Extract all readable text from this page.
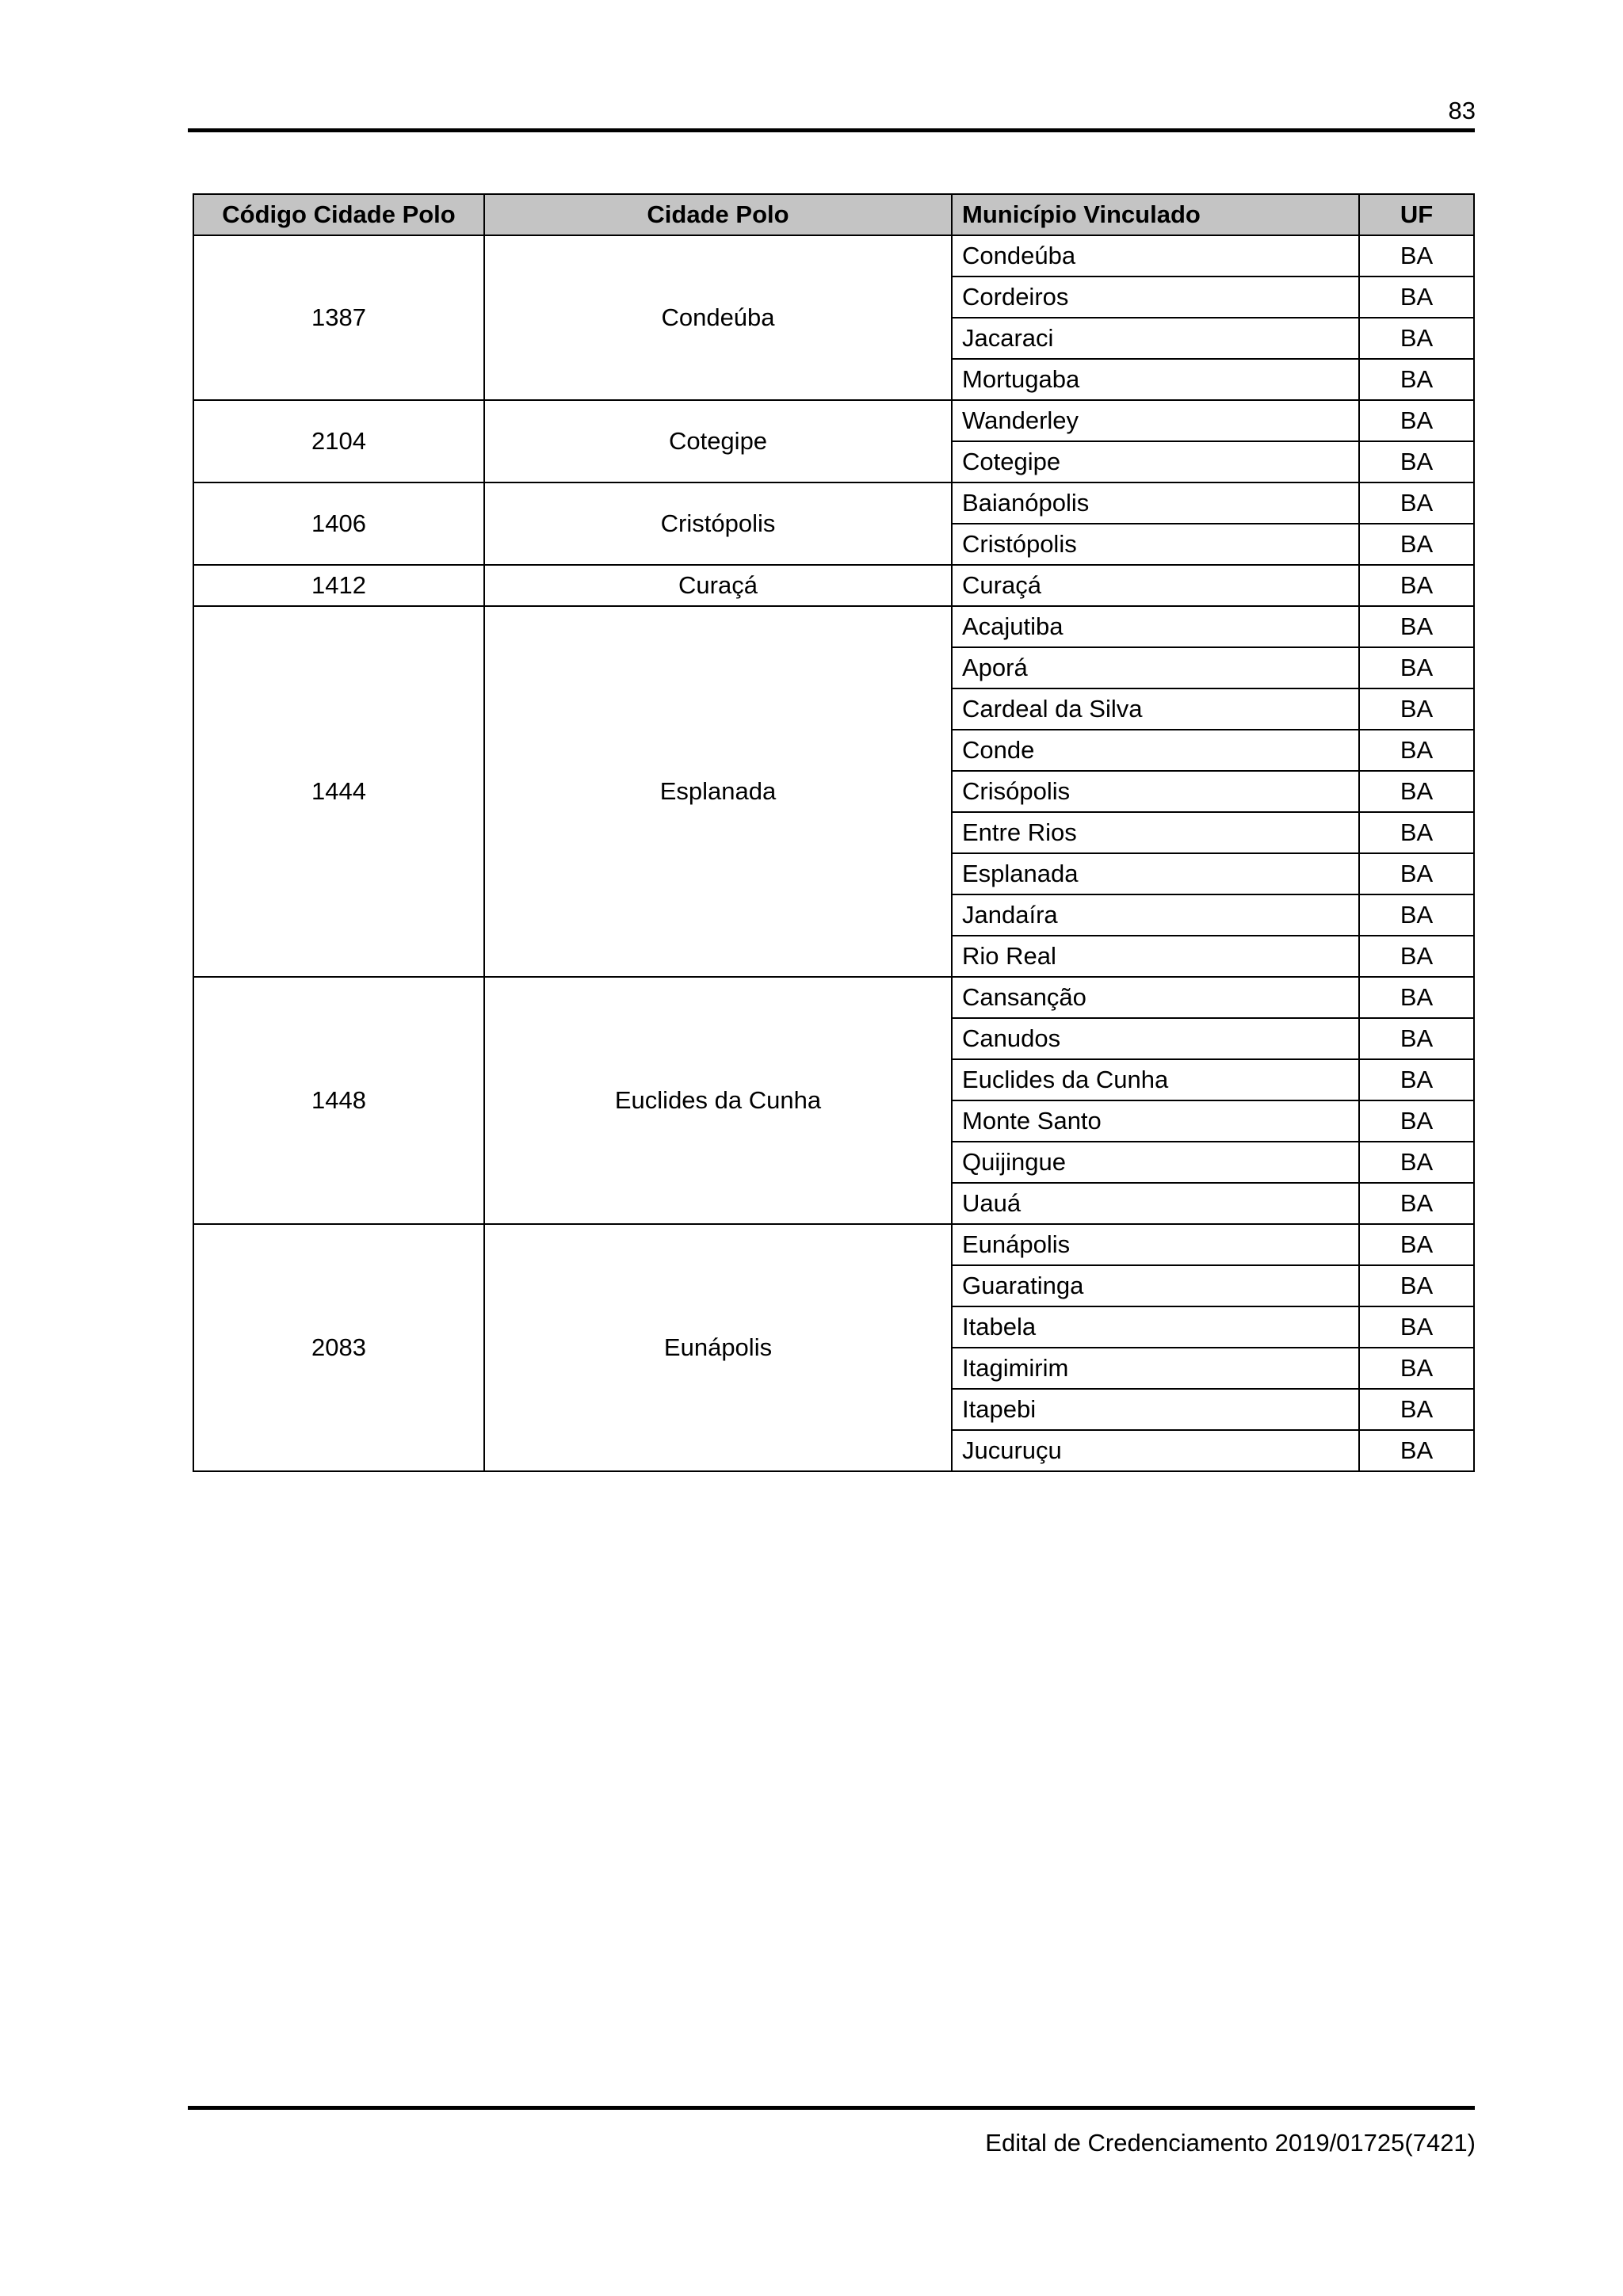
83
Código Cidade Polo	Cidade Polo	Município Vinculado	UF
1387	Condeúba	Condeúba	BA
		Cordeiros	BA
		Jacaraci	BA
		Mortugaba	BA
2104	Cotegipe	Wanderley	BA
		Cotegipe	BA
1406	Cristópolis	Baianópolis	BA
		Cristópolis	BA
1412	Curaçá	Curaçá	BA
1444	Esplanada	Acajutiba	BA
		Aporá	BA
		Cardeal da Silva	BA
		Conde	BA
		Crisópolis	BA
		Entre Rios	BA
		Esplanada	BA
		Jandaíra	BA
		Rio Real	BA
1448	Euclides da Cunha	Cansanção	BA
		Canudos	BA
		Euclides da Cunha	BA
		Monte Santo	BA
		Quijingue	BA
		Uauá	BA
2083	Eunápolis	Eunápolis	BA
		Guaratinga	BA
		Itabela	BA
		Itagimirim	BA
		Itapebi	BA
		Jucuruçu	BA
Edital de Credenciamento 2019/01725(7421)
